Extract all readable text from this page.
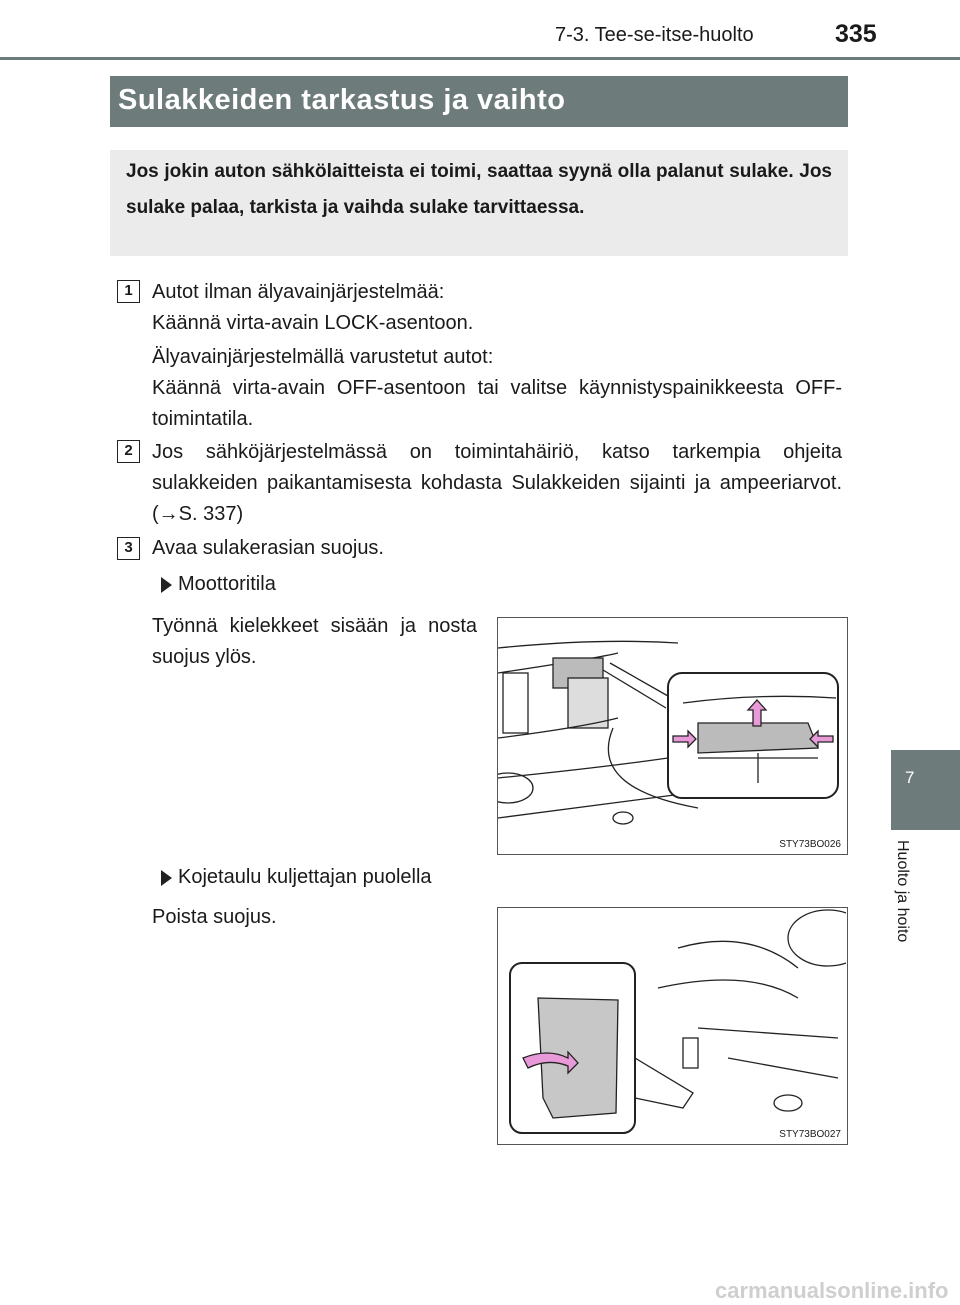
7-3. Tee-se-itse-huolto	335
Sulakkeiden tarkastus ja vaihto
Jos jokin auton sähkölaitteista ei toimi, saattaa syynä olla palanut sulake. Jos sulake palaa, tarkista ja vaihda sulake tarvittaessa.
1 Autot ilman älyavainjärjestelmää:
Käännä virta-avain LOCK-asentoon.
Älyavainjärjestelmällä varustetut autot:
Käännä virta-avain OFF-asentoon tai valitse käynnistyspainikkeesta OFF-toimintatila.
2 Jos sähköjärjestelmässä on toimintahäiriö, katso tarkempia ohjeita sulakkeiden paikantamisesta kohdasta Sulakkeiden sijainti ja ampeeriarvot. (→S. 337)
3 Avaa sulakerasian suojus.
Moottoritila
Työnnä kielekkeet sisään ja nosta suojus ylös.
STY73BO026
Kojetaulu kuljettajan puolella
Poista suojus.
STY73BO027
7
Huolto ja hoito
carmanualsonline.info
